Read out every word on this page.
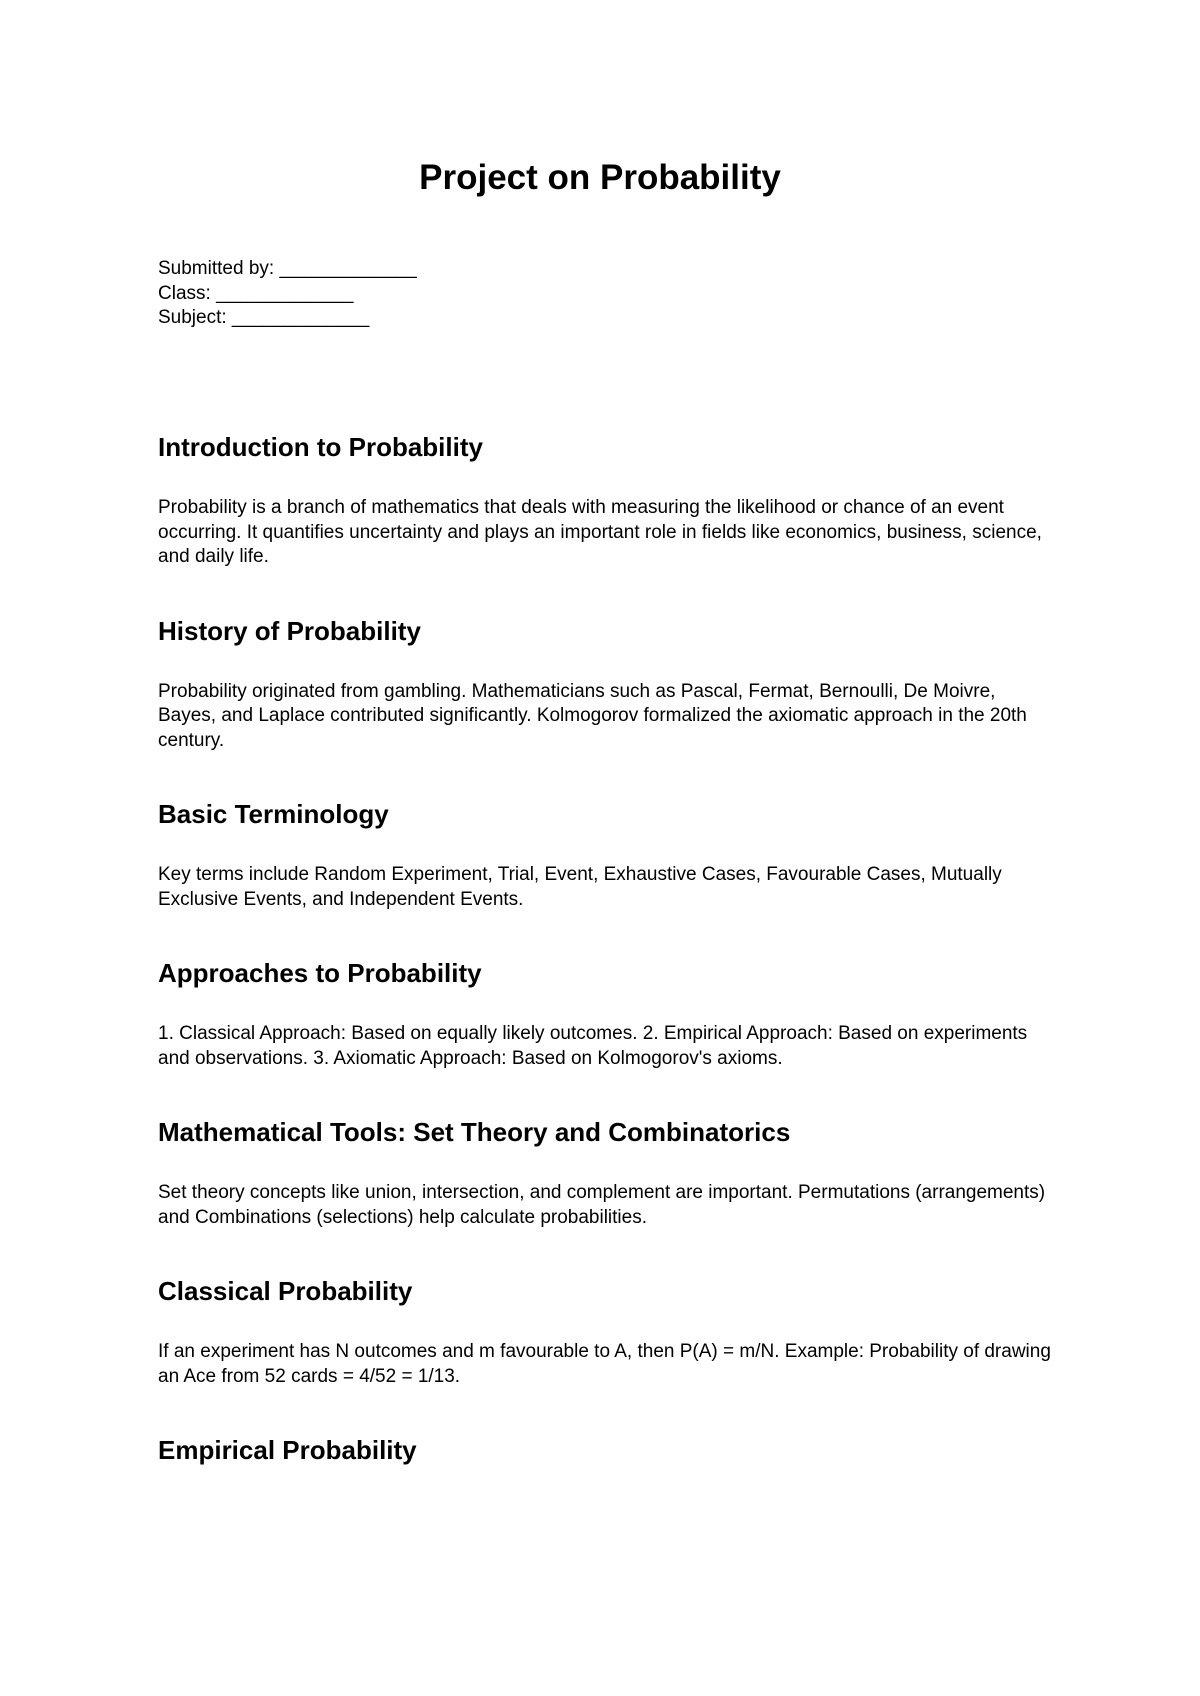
Project on Probability
Submitted by: _____________
Class: _____________
Subject: _____________
Introduction to Probability

Probability is a branch of mathematics that deals with measuring the likelihood or chance of an event occurring. It quantifies uncertainty and plays an important role in fields like economics, business, science, and daily life.

History of Probability

Probability originated from gambling. Mathematicians such as Pascal, Fermat, Bernoulli, De Moivre, Bayes, and Laplace contributed significantly. Kolmogorov formalized the axiomatic approach in the 20th century.

Basic Terminology

Key terms include Random Experiment, Trial, Event, Exhaustive Cases, Favourable Cases, Mutually Exclusive Events, and Independent Events.

Approaches to Probability

1. Classical Approach: Based on equally likely outcomes. 2. Empirical Approach: Based on experiments and observations. 3. Axiomatic Approach: Based on Kolmogorov's axioms.

Mathematical Tools: Set Theory and Combinatorics

Set theory concepts like union, intersection, and complement are important. Permutations (arrangements) and Combinations (selections) help calculate probabilities.

Classical Probability

If an experiment has N outcomes and m favourable to A, then P(A) = m/N. Example: Probability of drawing an Ace from 52 cards = 4/52 = 1/13.

Empirical Probability
